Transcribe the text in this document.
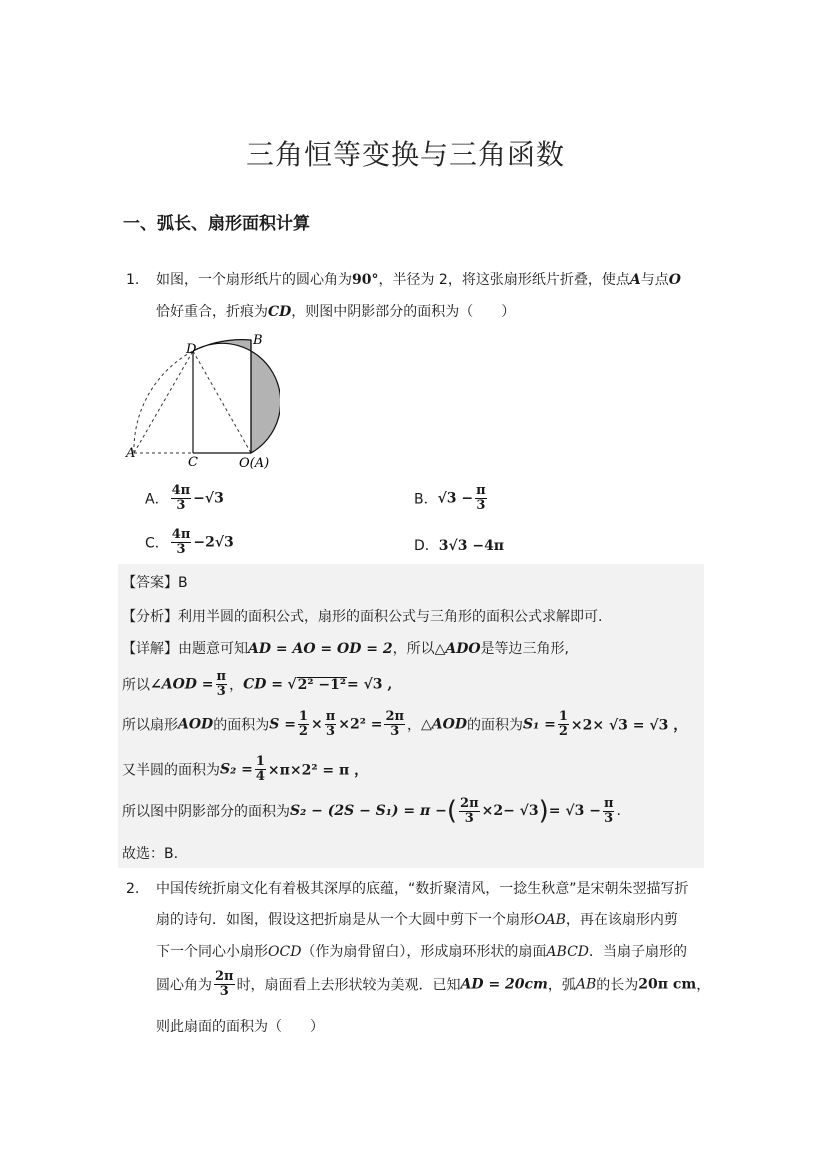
三角恒等变换与三角函数
一、弧长、扇形面积计算
1. 如图，一个扇形纸片的圆心角为90°，半径为 2，将这张扇形纸片折叠，使点A与点O
恰好重合，折痕为CD，则图中阴影部分的面积为（　　）
D
B
A
C	O(A)
A． $\frac{4\pi}{3} -√3$	B．$√3 - \frac{\pi}{3}$
C． $\frac{4\pi}{3} -2√3$	D．3√3 −4π
【答案】B
【分析】利用半圆的面积公式，扇形的面积公式与三角形的面积公式求解即可.
【详解】由题意可知AD = AO = OD = 2，所以△ADO是等边三角形,
所以∠AOD = $\frac{\pi}{3}$ ，CD = √2² −1²= √3 ,
所以扇形AOD的面积为$S = \frac{1}{2} \times \frac{\pi}{3} \times 2^2 = \frac{2\pi}{3}$ ，△AOD的面积为$S_1 = \frac{1}{2} \times 2\times √3 = √3$ ，
又半圆的面积为$S_2 = \frac{1}{4} \times\pi\times 2^2 = \pi$ ，
所以图中阴影部分的面积为S₂ − (2S − S₁) = π −( $\frac{2\pi}{3} \times 2- √3)= √3 - \frac{\pi}{3}$ .
故选：B.
2. 中国传统折扇文化有着极其深厚的底蕴，“数折聚清风，一捻生秋意”是宋朝朱翌描写折
扇的诗句．如图，假设这把折扇是从一个大圆中剪下一个扇形OAB，再在该扇形内剪
下一个同心小扇形OCD（作为扇骨留白），形成扇环形状的扇面ABCD．当扇子扇形的
圆心角为 $\frac{2\pi}{3}$ 时，扇面看上去形状较为美观．已知AD = 20cm，弧AB的长为20π cm，
则此扇面的面积为（　　）
